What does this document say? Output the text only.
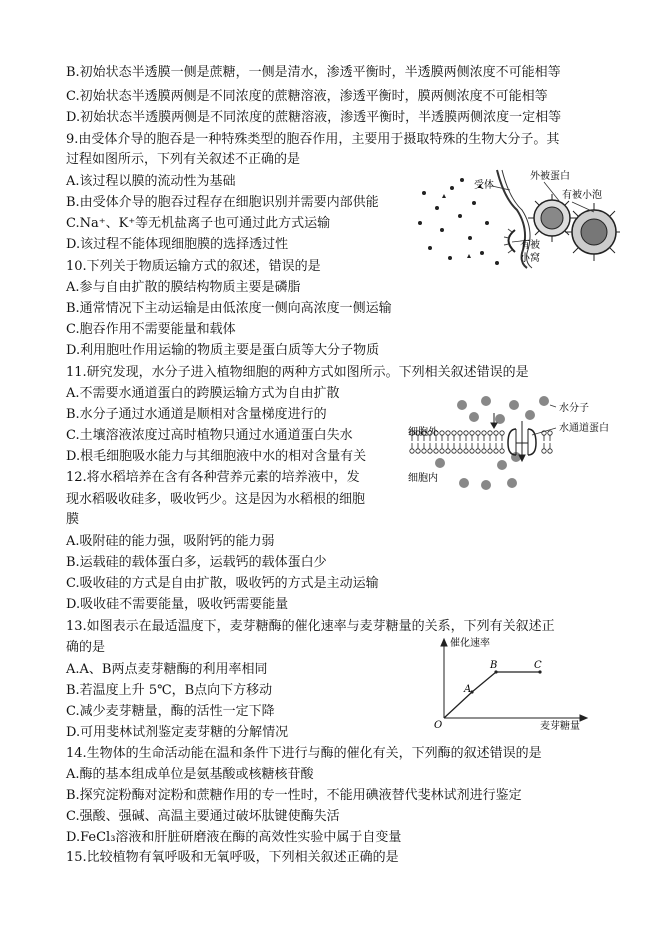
B.初始状态半透膜一侧是蔗糖，一侧是清水，渗透平衡时，半透膜两侧浓度不可能相等
C.初始状态半透膜两侧是不同浓度的蔗糖溶液，渗透平衡时，膜两侧浓度不可能相等
D.初始状态半透膜两侧是不同浓度的蔗糖溶液，渗透平衡时，半透膜两侧浓度一定相等
9.由受体介导的胞吞是一种特殊类型的胞吞作用，主要用于摄取特殊的生物大分子。其
过程如图所示，下列有关叙述不正确的是
A.该过程以膜的流动性为基础
B.由受体介导的胞吞过程存在细胞识别并需要内部供能
C.Na⁺、K⁺等无机盐离子也可通过此方式运输
D.该过程不能体现细胞膜的选择透过性
10.下列关于物质运输方式的叙述，错误的是
A.参与自由扩散的膜结构物质主要是磷脂
B.通常情况下主动运输是由低浓度一侧向高浓度一侧运输
C.胞吞作用不需要能量和载体
D.利用胞吐作用运输的物质主要是蛋白质等大分子物质
11.研究发现，水分子进入植物细胞的两种方式如图所示。下列相关叙述错误的是
A.不需要水通道蛋白的跨膜运输方式为自由扩散
B.水分子通过水通道是顺相对含量梯度进行的
C.土壤溶液浓度过高时植物只通过水通道蛋白失水
D.根毛细胞吸水能力与其细胞液中水的相对含量有关
12.将水稻培养在含有各种营养元素的培养液中，发
现水稻吸收硅多，吸收钙少。这是因为水稻根的细胞
膜
A.吸附硅的能力强，吸附钙的能力弱
B.运载硅的载体蛋白多，运载钙的载体蛋白少
C.吸收硅的方式是自由扩散，吸收钙的方式是主动运输
D.吸收硅不需要能量，吸收钙需要能量
13.如图表示在最适温度下，麦芽糖酶的催化速率与麦芽糖量的关系，下列有关叙述正
确的是
A.A、B两点麦芽糖酶的利用率相同
B.若温度上升 5℃，B点向下方移动
C.减少麦芽糖量，酶的活性一定下降
D.可用斐林试剂鉴定麦芽糖的分解情况
14.生物体的生命活动能在温和条件下进行与酶的催化有关，下列酶的叙述错误的是
A.酶的基本组成单位是氨基酸或核糖核苷酸
B.探究淀粉酶对淀粉和蔗糖作用的专一性时，不能用碘液替代斐林试剂进行鉴定
C.强酸、强碱、高温主要通过破坏肽键使酶失活
D.FeCl₃溶液和肝脏研磨液在酶的高效性实验中属于自变量
15.比较植物有氧呼吸和无氧呼吸，下列相关叙述正确的是
受体
外被蛋白
有被小泡
有被
小窝
水分子
水通道蛋白
细胞外
细胞内
催化速率
麦芽糖量
O
A
B	C
